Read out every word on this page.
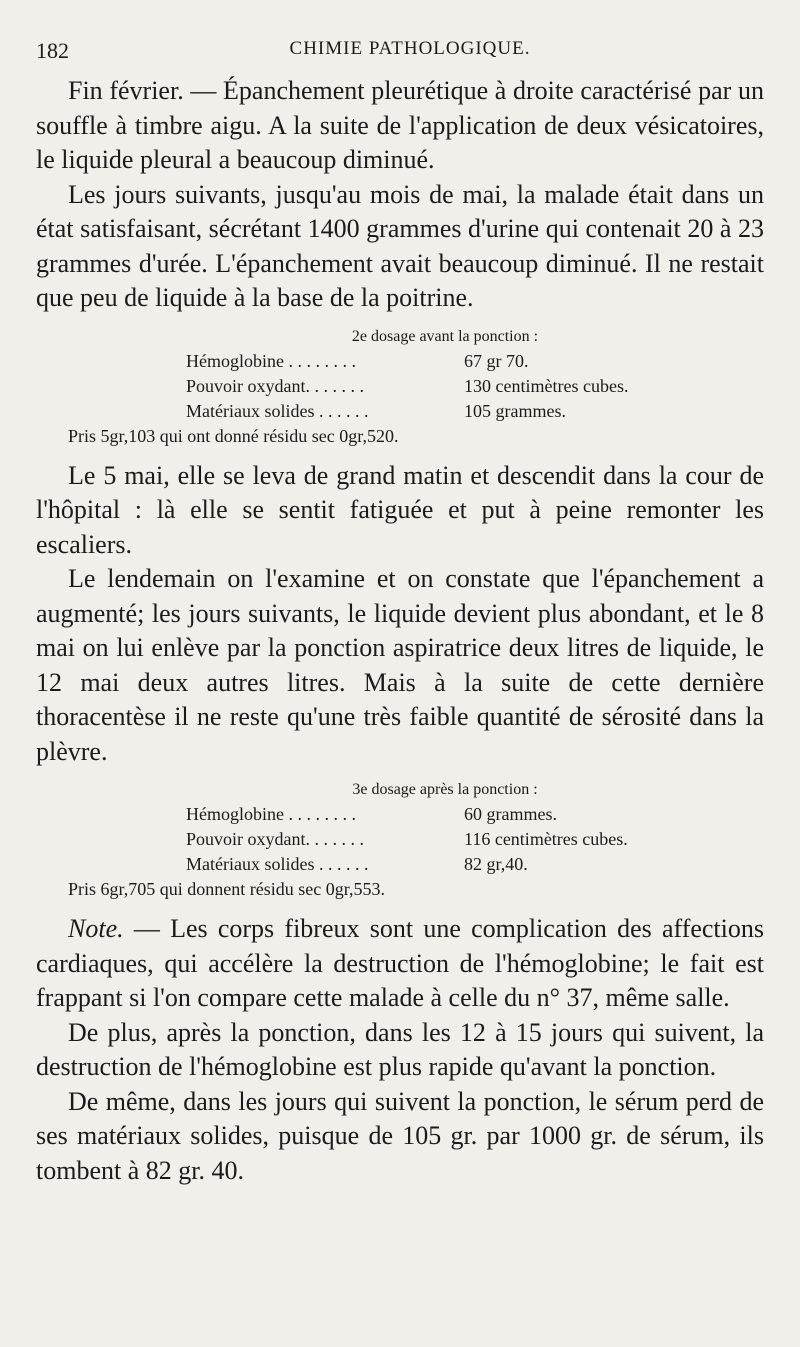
182	CHIMIE PATHOLOGIQUE.

Fin février. — Épanchement pleurétique à droite caractérisé par un souffle à timbre aigu. A la suite de l'application de deux vésicatoires, le liquide pleural a beaucoup diminué.

Les jours suivants, jusqu'au mois de mai, la malade était dans un état satisfaisant, sécrétant 1400 grammes d'urine qui contenait 20 à 23 grammes d'urée. L'épanchement avait beaucoup diminué. Il ne restait que peu de liquide à la base de la poitrine.

2e dosage avant la ponction :
Hémoglobine . . . . . . . .	67 gr 70.
Pouvoir oxydant. . . . . . .	130 centimètres cubes.
Matériaux solides . . . . . .	105 grammes.
Pris 5gr,103 qui ont donné résidu sec 0gr,520.

Le 5 mai, elle se leva de grand matin et descendit dans la cour de l'hôpital : là elle se sentit fatiguée et put à peine remonter les escaliers.

Le lendemain on l'examine et on constate que l'épanchement a augmenté; les jours suivants, le liquide devient plus abondant, et le 8 mai on lui enlève par la ponction aspiratrice deux litres de liquide, le 12 mai deux autres litres. Mais à la suite de cette dernière thoracentèse il ne reste qu'une très faible quantité de sérosité dans la plèvre.

3e dosage après la ponction :
Hémoglobine . . . . . . . .	60 grammes.
Pouvoir oxydant. . . . . . .	116 centimètres cubes.
Matériaux solides . . . . . .	82 gr,40.
Pris 6gr,705 qui donnent résidu sec 0gr,553.

Note. — Les corps fibreux sont une complication des affections cardiaques, qui accélère la destruction de l'hémoglobine; le fait est frappant si l'on compare cette malade à celle du n° 37, même salle.

De plus, après la ponction, dans les 12 à 15 jours qui suivent, la destruction de l'hémoglobine est plus rapide qu'avant la ponction.

De même, dans les jours qui suivent la ponction, le sérum perd de ses matériaux solides, puisque de 105 gr. par 1000 gr. de sérum, ils tombent à 82 gr. 40.
